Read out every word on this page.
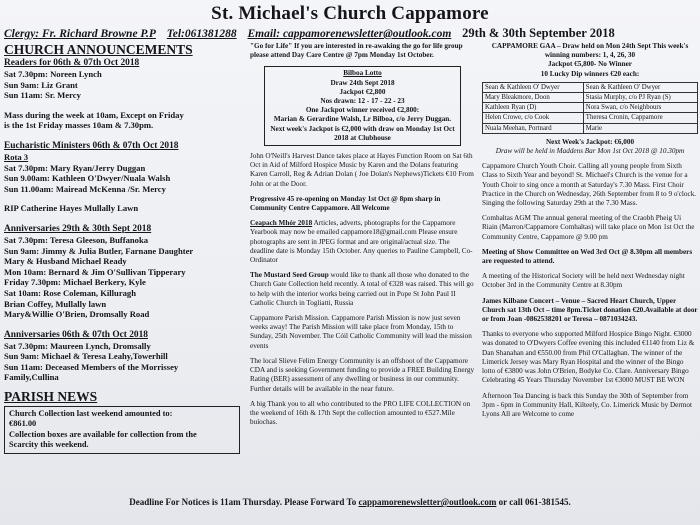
St. Michael's Church Cappamore
Clergy: Fr. Richard Browne P.P Tel:061381288 Email: cappamorenewsletter@outlook.com 29th & 30th September 2018
CHURCH ANNOUNCEMENTS
Readers for 06th & 07th Oct 2018
Sat 7.30pm: Noreen Lynch
Sun 9am: Liz Grant
Sun 11am: Sr. Mercy
Mass during the week at 10am, Except on Friday
is the 1st Friday masses 10am & 7.30pm.
Eucharistic Ministers 06th & 07th Oct 2018
Rota 3
Sat 7.30pm: Mary Ryan/Jerry Duggan
Sun 9.00am: Kathleen O'Dwyer/Nuala Walsh
Sun 11.00am: Mairead McKenna /Sr. Mercy
RIP Catherine Hayes Mullally Lawn
Anniversaries 29th & 30th Sept 2018
Sat 7.30pm: Teresa Gleeson, Buffanoka
Sun 9am: Jimmy & Julia Butler, Farnane Daughter
Mary & Husband Michael Ready
Mon 10am: Bernard & Jim O'Sullivan Tipperary
Friday 7.30pm: Michael Berkery, Kyle
Sat 10am: Rose Coleman, Killuragh
Brian Coffey, Mullally lawn
Mary&Willie O'Brien, Dromsally Road
Anniversaries 06th & 07th Oct 2018
Sat 7.30pm: Maureen Lynch, Dromsally
Sun 9am: Michael & Teresa Leahy,Towerhill
Sun 11am: Deceased Members of the Morrissey
Family,Cullina
PARISH NEWS
Church Collection last weekend amounted to:
€861.00
Collection boxes are available for collection from the
Scarcity this weekend.
"Go for Life" If you are interested in re-awaking the go for life group please attend Day Care Centre @ 7pm Monday 1st October.
Bilboa Lotto
Draw 24th Sept 2018
Jackpot €2,800
Nos drawn: 12 - 17 - 22 - 23
One Jackpot winner received €2,800:
Marian & Gerardine Walsh, Lr Bilboa, c/o Jerry Duggan.
Next week's Jackpot is €2,000 with draw on Monday 1st Oct 2018 at Clubhouse
John O'Neill's Harvest Dance takes place at Hayes Function Room on Sat 6th Oct in Aid of Milford Hospice Music by Karen and the Dolans featuring Karen Carroll, Reg & Adrian Dolan ( Joe Dolan's Nephews)Tickets €10 From John or at the Door.
Progressive 45 re-opening on Monday 1st Oct @ 8pm sharp in Community Centre Cappamore. All Welcome
Ceapach Mhór 2018 Articles, adverts, photographs for the Cappamore Yearbook may now be emailed cappamore18@gmail.com Please ensure photographs are sent in JPEG format and are original/actual size. The deadline date is Monday 15th October. Any queries to Pauline Campbell, Co-Ordinator
The Mustard Seed Group would like to thank all those who donated to the Church Gate Collection held recently. A total of €328 was raised. This will go to help with the interior works being carried out in Pope St John Paul II Catholic Church in Togliatti, Russia
Cappamore Parish Mission. Cappamore Parish Mission is now just seven weeks away! The Parish Mission will take place from Monday, 15th to Sunday, 25th November. The Cóil Catholic Community will lead the mission events
The local Slieve Felim Energy Community is an offshoot of the Cappamore CDA and is seeking Government funding to provide a FREE Building Energy Rating (BER) assessment of any dwelling or business in our community. Further details will be available in the near future.
A big Thank you to all who contributed to the PRO LIFE COLLECTION on the weekend of 16th & 17th Sept the collection amounted to €527.Míle buíochas.
CAPPAMORE GAA – Draw held on Mon 24th Sept This week's winning numbers: 1, 4, 26, 30
Jackpot €5,800- No Winner
10 Lucky Dip winners €20 each:
Sean & Kathleen O' Dwyer	Sean & Kathleen O' Dwyer
Mary Bleakmore, Doon	Stasia Murphy, c/o PJ Ryan (S)
Kathleen Ryan (D)	Nora Swan, c/o Neighbours
Helen Crowe, c/o Cook	Theresa Cronin, Cappamore
Nuala Meehan, Portnard	Marie
Next Week's Jackpot: €6,000
Draw will be held in Maddens Bar Mon 1st Oct 2018 @ 10.30pm
Cappamore Church Youth Choir. Calling all young people from Sixth Class to Sixth Year and beyond! St. Michael's Church is the venue for a Youth Choir to sing once a month at Saturday's 7.30 Mass. First Choir Practice in the Church on Wednesday, 26th September from 8 to 9 o'clock. Singing the following Saturday 29th at the 7.30 Mass.
Comhaltas AGM The annual general meeting of the Craobh Pheig Ui Riain (Marron/Cappamore Comhaltas) will take place on Mon 1st Oct the Community Centre, Cappamore @ 9.00 pm
Meeting of Show Committee on Wed 3rd Oct @ 8.30pm all members are requested to attend.
A meeting of the Historical Society will be held next Wednesday night October 3rd in the Community Centre at 8.30pm
James Kilbane Concert – Venue – Sacred Heart Church, Upper Church sat 13th Oct – time 8pm.Ticket donation €20.Available at door or from Joan -0862538201 or Teresa – 0871034243.
Thanks to everyone who supported Milford Hospice Bingo Night. €3000 was donated to O'Dwyers Coffee evening this included €1140 from Liz & Dan Shanahan and €550.00 from Phil O'Callaghan. The winner of the Limerick Jersey was Mary Ryan Hospital and the winner of the Bingo lotto of €3800 was John O'Brien, Bodyke Co. Clare. Anniversary Bingo Celebrating 45 Years Thursday November 1st €3000 MUST BE WON
Afternoon Tea Dancing is back this Sunday the 30th of September from 3pm - 6pm in Community Hall, Kilteely, Co. Limerick Music by Dermot Lyons All are Welcome to come
Deadline For Notices is 11am Thursday. Please Forward To cappamorenewsletter@outlook.com or call 061-381545.
